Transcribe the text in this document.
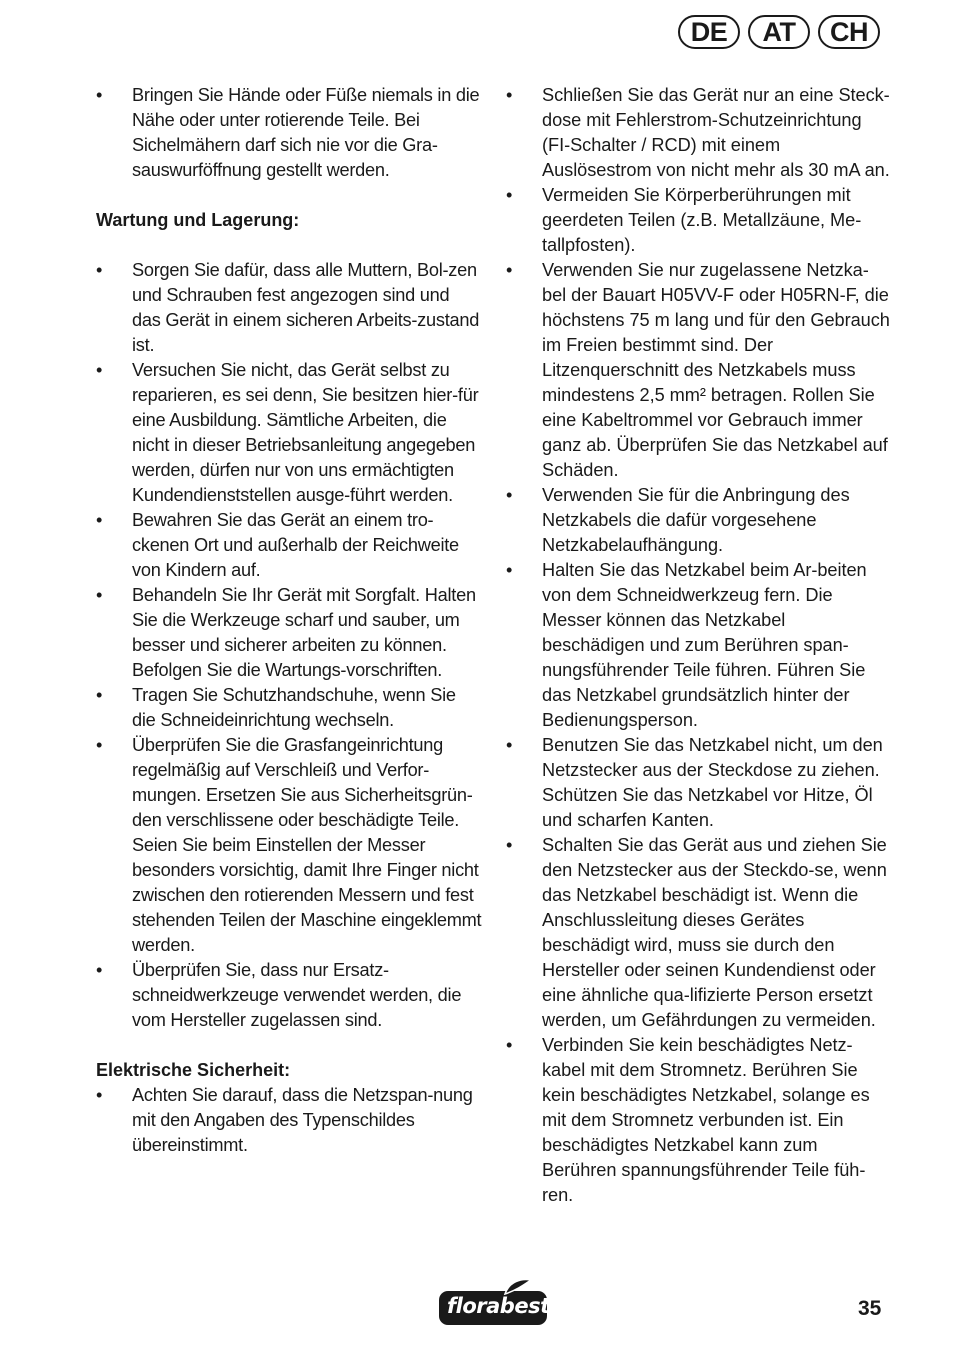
DE	AT	CH
• Bringen Sie Hände oder Füße niemals in die Nähe oder unter rotierende Teile. Bei Sichelmähern darf sich nie vor die Gra-sauswurföffnung gestellt werden.
Wartung und Lagerung:
• Sorgen Sie dafür, dass alle Muttern, Bol-zen und Schrauben fest angezogen sind und das Gerät in einem sicheren Arbeits-zustand ist.
• Versuchen Sie nicht, das Gerät selbst zu reparieren, es sei denn, Sie besitzen hier-für eine Ausbildung. Sämtliche Arbeiten, die nicht in dieser Betriebsanleitung angegeben werden, dürfen nur von uns ermächtigten Kundendienststellen ausge-führt werden.
• Bewahren Sie das Gerät an einem tro-ckenen Ort und außerhalb der Reichweite von Kindern auf.
• Behandeln Sie Ihr Gerät mit Sorgfalt. Halten Sie die Werkzeuge scharf und sauber, um besser und sicherer arbeiten zu können. Befolgen Sie die Wartungs-vorschriften.
• Tragen Sie Schutzhandschuhe, wenn Sie die Schneideinrichtung wechseln.
• Überprüfen Sie die Grasfangeinrichtung regelmäßig auf Verschleiß und Verfor-mungen. Ersetzen Sie aus Sicherheitsgrün-den verschlissene oder beschädigte Teile. Seien Sie beim Einstellen der Messer besonders vorsichtig, damit Ihre Finger nicht zwischen den rotierenden Messern und fest stehenden Teilen der Maschine eingeklemmt werden.
• Überprüfen Sie, dass nur Ersatz-schneidwerkzeuge verwendet werden, die vom Hersteller zugelassen sind.
Elektrische Sicherheit:
• Achten Sie darauf, dass die Netzspan-nung mit den Angaben des Typenschildes übereinstimmt.
• Schließen Sie das Gerät nur an eine Steck-dose mit Fehlerstrom-Schutzeinrichtung (FI-Schalter / RCD) mit einem Auslösestrom von nicht mehr als 30 mA an.
• Vermeiden Sie Körperberührungen mit geerdeten Teilen (z.B. Metallzäune, Me-tallpfosten).
• Verwenden Sie nur zugelassene Netzka-bel der Bauart H05VV-F oder H05RN-F, die höchstens 75 m lang und für den Gebrauch im Freien bestimmt sind. Der Litzenquerschnitt des Netzkabels muss mindestens 2,5 mm² betragen. Rollen Sie eine Kabeltrommel vor Gebrauch immer ganz ab. Überprüfen Sie das Netzkabel auf Schäden.
• Verwenden Sie für die Anbringung des Netzkabels die dafür vorgesehene Netzkabelaufhängung.
• Halten Sie das Netzkabel beim Ar-beiten von dem Schneidwerkzeug fern. Die Messer können das Netzkabel beschädigen und zum Berühren span-nungsführender Teile führen. Führen Sie das Netzkabel grundsätzlich hinter der Bedienungsperson.
• Benutzen Sie das Netzkabel nicht, um den Netzstecker aus der Steckdose zu ziehen. Schützen Sie das Netzkabel vor Hitze, Öl und scharfen Kanten.
• Schalten Sie das Gerät aus und ziehen Sie den Netzstecker aus der Steckdo-se, wenn das Netzkabel beschädigt ist. Wenn die Anschlussleitung dieses Gerätes beschädigt wird, muss sie durch den Hersteller oder seinen Kundendienst oder eine ähnliche qua-lifizierte Person ersetzt werden, um Gefährdungen zu vermeiden.
• Verbinden Sie kein beschädigtes Netz-kabel mit dem Stromnetz. Berühren Sie kein beschädigtes Netzkabel, solange es mit dem Stromnetz verbunden ist. Ein beschädigtes Netzkabel kann zum Berühren spannungsführender Teile füh-ren.
florabest	35
